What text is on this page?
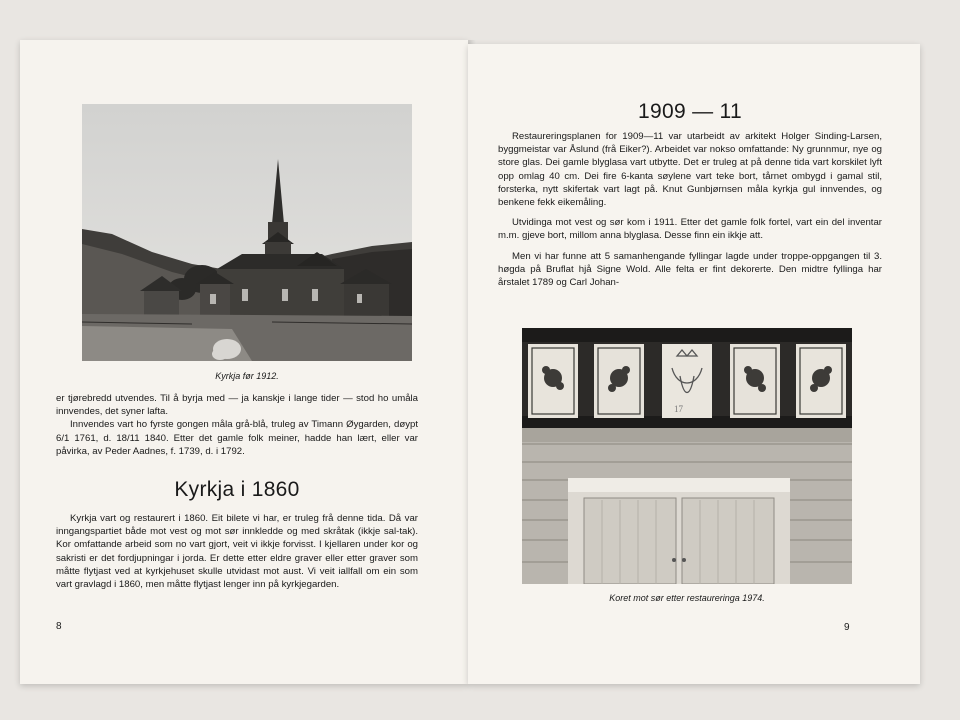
Kyrkja før 1912.

er tjørebredd utvendes. Til å byrja med — ja kanskje i lange tider — stod ho umåla innvendes, det syner lafta.

Innvendes vart ho fyrste gongen måla grå-blå, truleg av Timann Øygarden, døypt 6/1 1761, d. 18/11 1840. Etter det gamle folk meiner, hadde han lært, eller var påvirka, av Peder Aadnes, f. 1739, d. i 1792.

Kyrkja i 1860

Kyrkja vart og restaurert i 1860. Eit bilete vi har, er truleg frå denne tida. Då var inngangspartiet både mot vest og mot sør innkledde og med skråtak (ikkje sal-tak). Kor omfattande arbeid som no vart gjort, veit vi ikkje forvisst. I kjellaren under kor og sakristi er det fordjupningar i jorda. Er dette etter eldre graver eller etter graver som måtte flytjast ved at kyrkjehuset skulle utvidast mot aust. Vi veit iallfall om ein som vart gravlagd i 1860, men måtte flytjast lenger inn på kyrkjegarden.

8
1909 — 11

Restaureringsplanen for 1909—11 var utarbeidt av arkitekt Holger Sinding-Larsen, byggmeistar var Åslund (frå Eiker?). Arbeidet var nokso omfattande: Ny grunnmur, nye og store glas. Dei gamle blyglasa vart utbytte. Det er truleg at på denne tida vart korskilet lyft opp omlag 40 cm. Dei fire 6-kanta søylene vart teke bort, tårnet ombygd i gamal stil, forsterka, nytt skifertak vart lagt på. Knut Gunbjørnsen måla kyrkja gul innvendes, og benkene fekk eikemåling.

Utvidinga mot vest og sør kom i 1911. Etter det gamle folk fortel, vart ein del inventar m.m. gjeve bort, millom anna blyglasa. Desse finn ein ikkje att.

Men vi har funne att 5 samanhengande fyllingar lagde under troppe-oppgangen til 3. høgda på Bruflat hjå Signe Wold. Alle felta er fint dekorerte. Den midtre fyllinga har årstalet 1789 og Carl Johan-

17
Koret mot sør etter restaureringa 1974.
9
